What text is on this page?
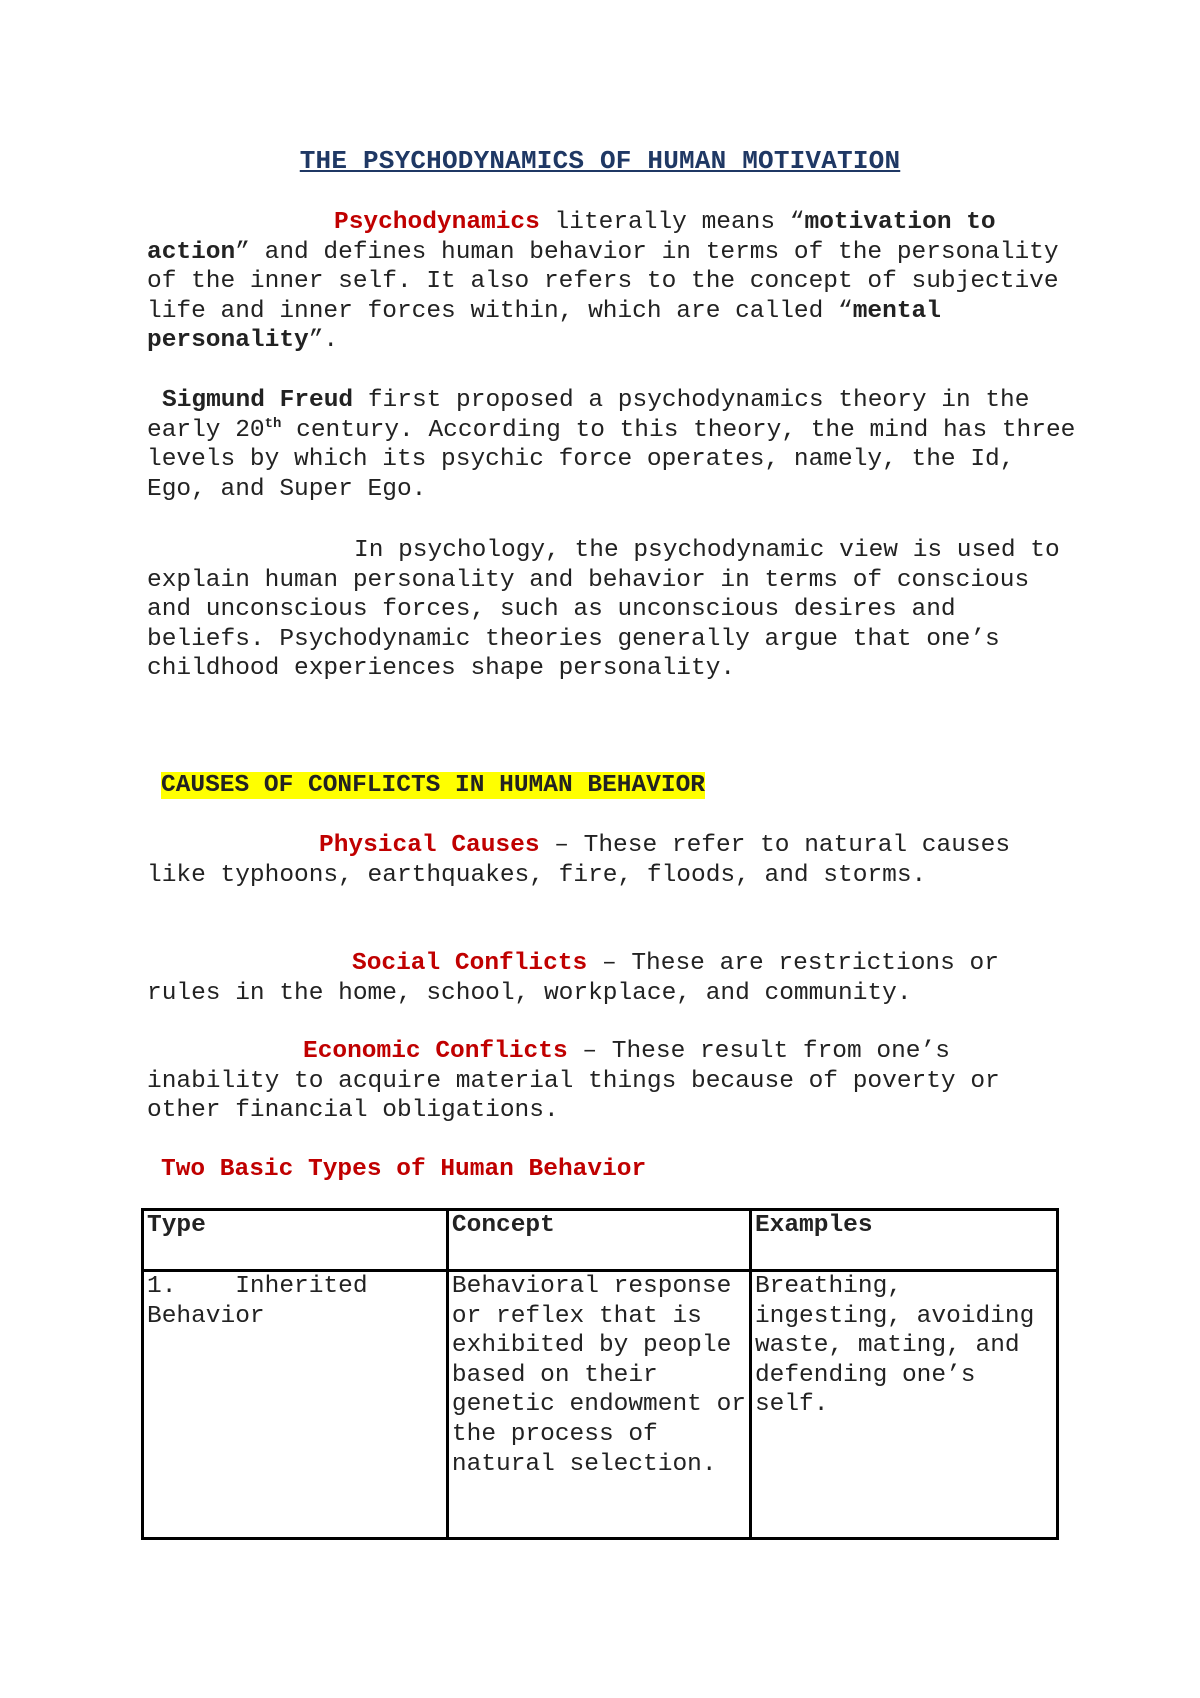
THE PSYCHODYNAMICS OF HUMAN MOTIVATION

Psychodynamics literally means “motivation to action” and defines human behavior in terms of the personality of the inner self. It also refers to the concept of subjective life and inner forces within, which are called “mental personality”.

Sigmund Freud first proposed a psychodynamics theory in the early 20th century. According to this theory, the mind has three levels by which its psychic force operates, namely, the Id, Ego, and Super Ego.

In psychology, the psychodynamic view is used to explain human personality and behavior in terms of conscious and unconscious forces, such as unconscious desires and beliefs. Psychodynamic theories generally argue that one’s childhood experiences shape personality.

CAUSES OF CONFLICTS IN HUMAN BEHAVIOR

Physical Causes – These refer to natural causes like typhoons, earthquakes, fire, floods, and storms.

Social Conflicts – These are restrictions or rules in the home, school, workplace, and community.

Economic Conflicts – These result from one’s inability to acquire material things because of poverty or other financial obligations.

Two Basic Types of Human Behavior
Type	Concept	Examples
1.    Inherited Behavior	Behavioral response or reflex that is exhibited by people based on their genetic endowment or the process of natural selection.	Breathing, ingesting, avoiding waste, mating, and defending one’s self.
